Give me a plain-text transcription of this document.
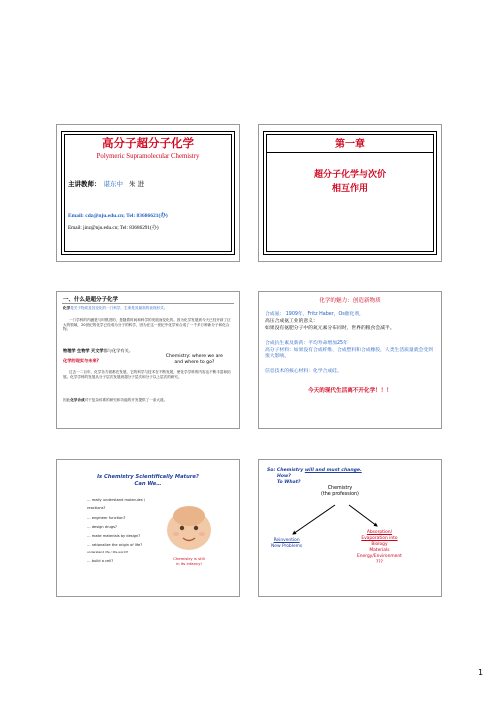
高分子超分子化学
Polymeric Supramolecular Chemistry
主讲教师： 谌东中 朱 进
Email: cdz@nju.edu.cn; Tel: 83686621(办)
Email: jinz@nju.edu.cn; Tel: 83686291(办)
第一章
超分子化学与次价
相互作用
一、什么是超分子化学
化学是关于物质及其变化的一门科学，生命是其最高的表现形式。
一门学科的内涵是与时俱进的，是随着时间和科学的发展而变化的。因为化学发展到今天已经开辟了巨大的领域，20世纪的化学已经成为分子的科学，因为在这一世纪中化学家合成了一千多万种新分子和化合物。
物理学 生物学 天文学都与化学有关。
化学的现实与未来?
Chemistry: where we are
and where to go?
过去一二百年，化学各方面都在发展，它的科学与技术在不断发展，使化学学科的内容也不断丰富和拓展。化学学科的发展从分子层次发展到超分子层次和分子以上层次的研究。
因此化学合成对于复杂体系的研究和功能的开发提供了一条大道。

化学的魅力：创造新物质

合成氨： 1909年，Fritz Haber，Os催化剂，

高压合成氨工业的意义：

如果没有氨肥分子中的氮元素分布同时，世界的粮食会减半。

合成抗生素及新药：平均寿命增加25年

高分子材料：如果没有合成纤维、合成塑料和合成橡胶，人类生活质量就会受到很大影响。

信息技术的核心材料：化学合成硅。

今天的现代生活离不开化学！！！

Is Chemistry Scientifically Mature?
Can We…
… really understand molecules /
reactions?
… engineer function?
… design drugs?
… make materials by design?
… rationalize the origin of life?
understand life / life-world?
… build a cell?	Chemistry is still
in its infancy!
So: Chemistry will and must change.
How?
To What?
Chemistry
(the profession)
Reinvention
New Problems
Absorption/
Evaporation into
Biology
Materials
Energy/Environment
???
1
